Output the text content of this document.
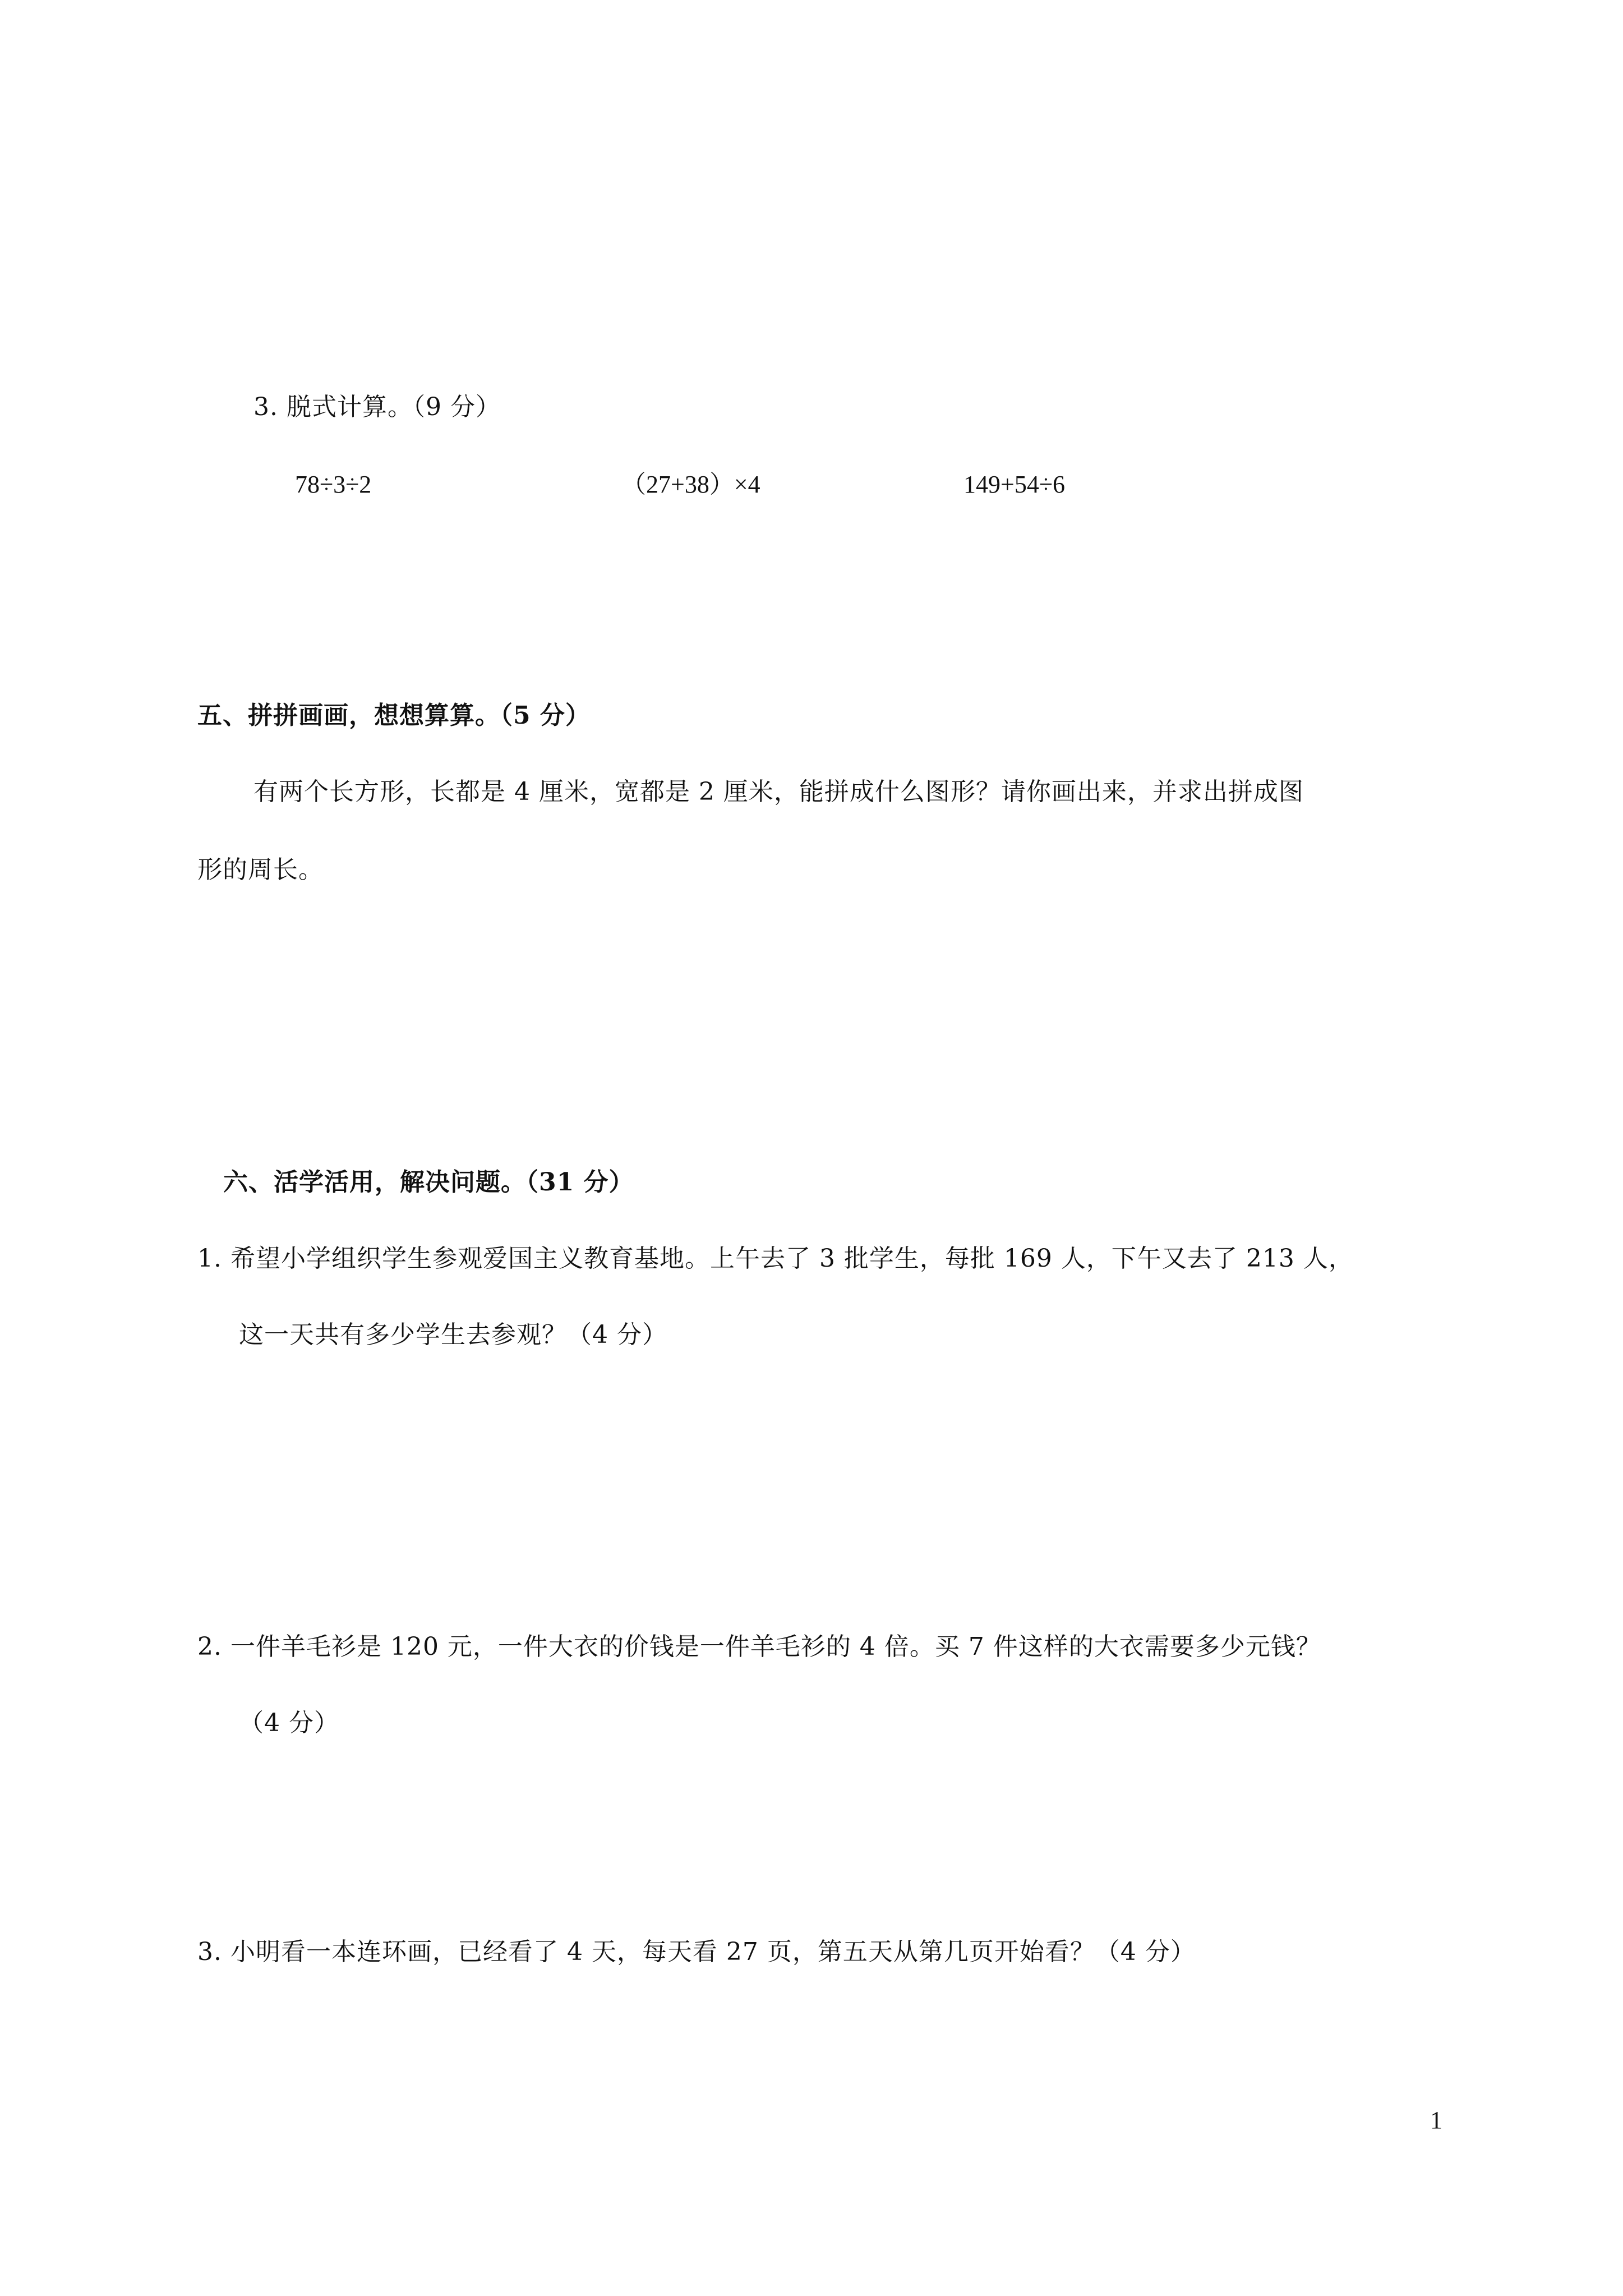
3. 脱式计算。（9 分）
78÷3÷2	（27+38）×4	149+54÷6
五、拼拼画画，想想算算。（5 分）
有两个长方形，长都是 4 厘米，宽都是 2 厘米，能拼成什么图形？请你画出来，并求出拼成图
形的周长。
六、活学活用，解决问题。（31 分）
1. 希望小学组织学生参观爱国主义教育基地。上午去了 3 批学生，每批 169 人，下午又去了 213 人，
这一天共有多少学生去参观？（4 分）
2. 一件羊毛衫是 120 元，一件大衣的价钱是一件羊毛衫的 4 倍。买 7 件这样的大衣需要多少元钱？
（4 分）
3. 小明看一本连环画，已经看了 4 天，每天看 27 页，第五天从第几页开始看？（4 分）
1
